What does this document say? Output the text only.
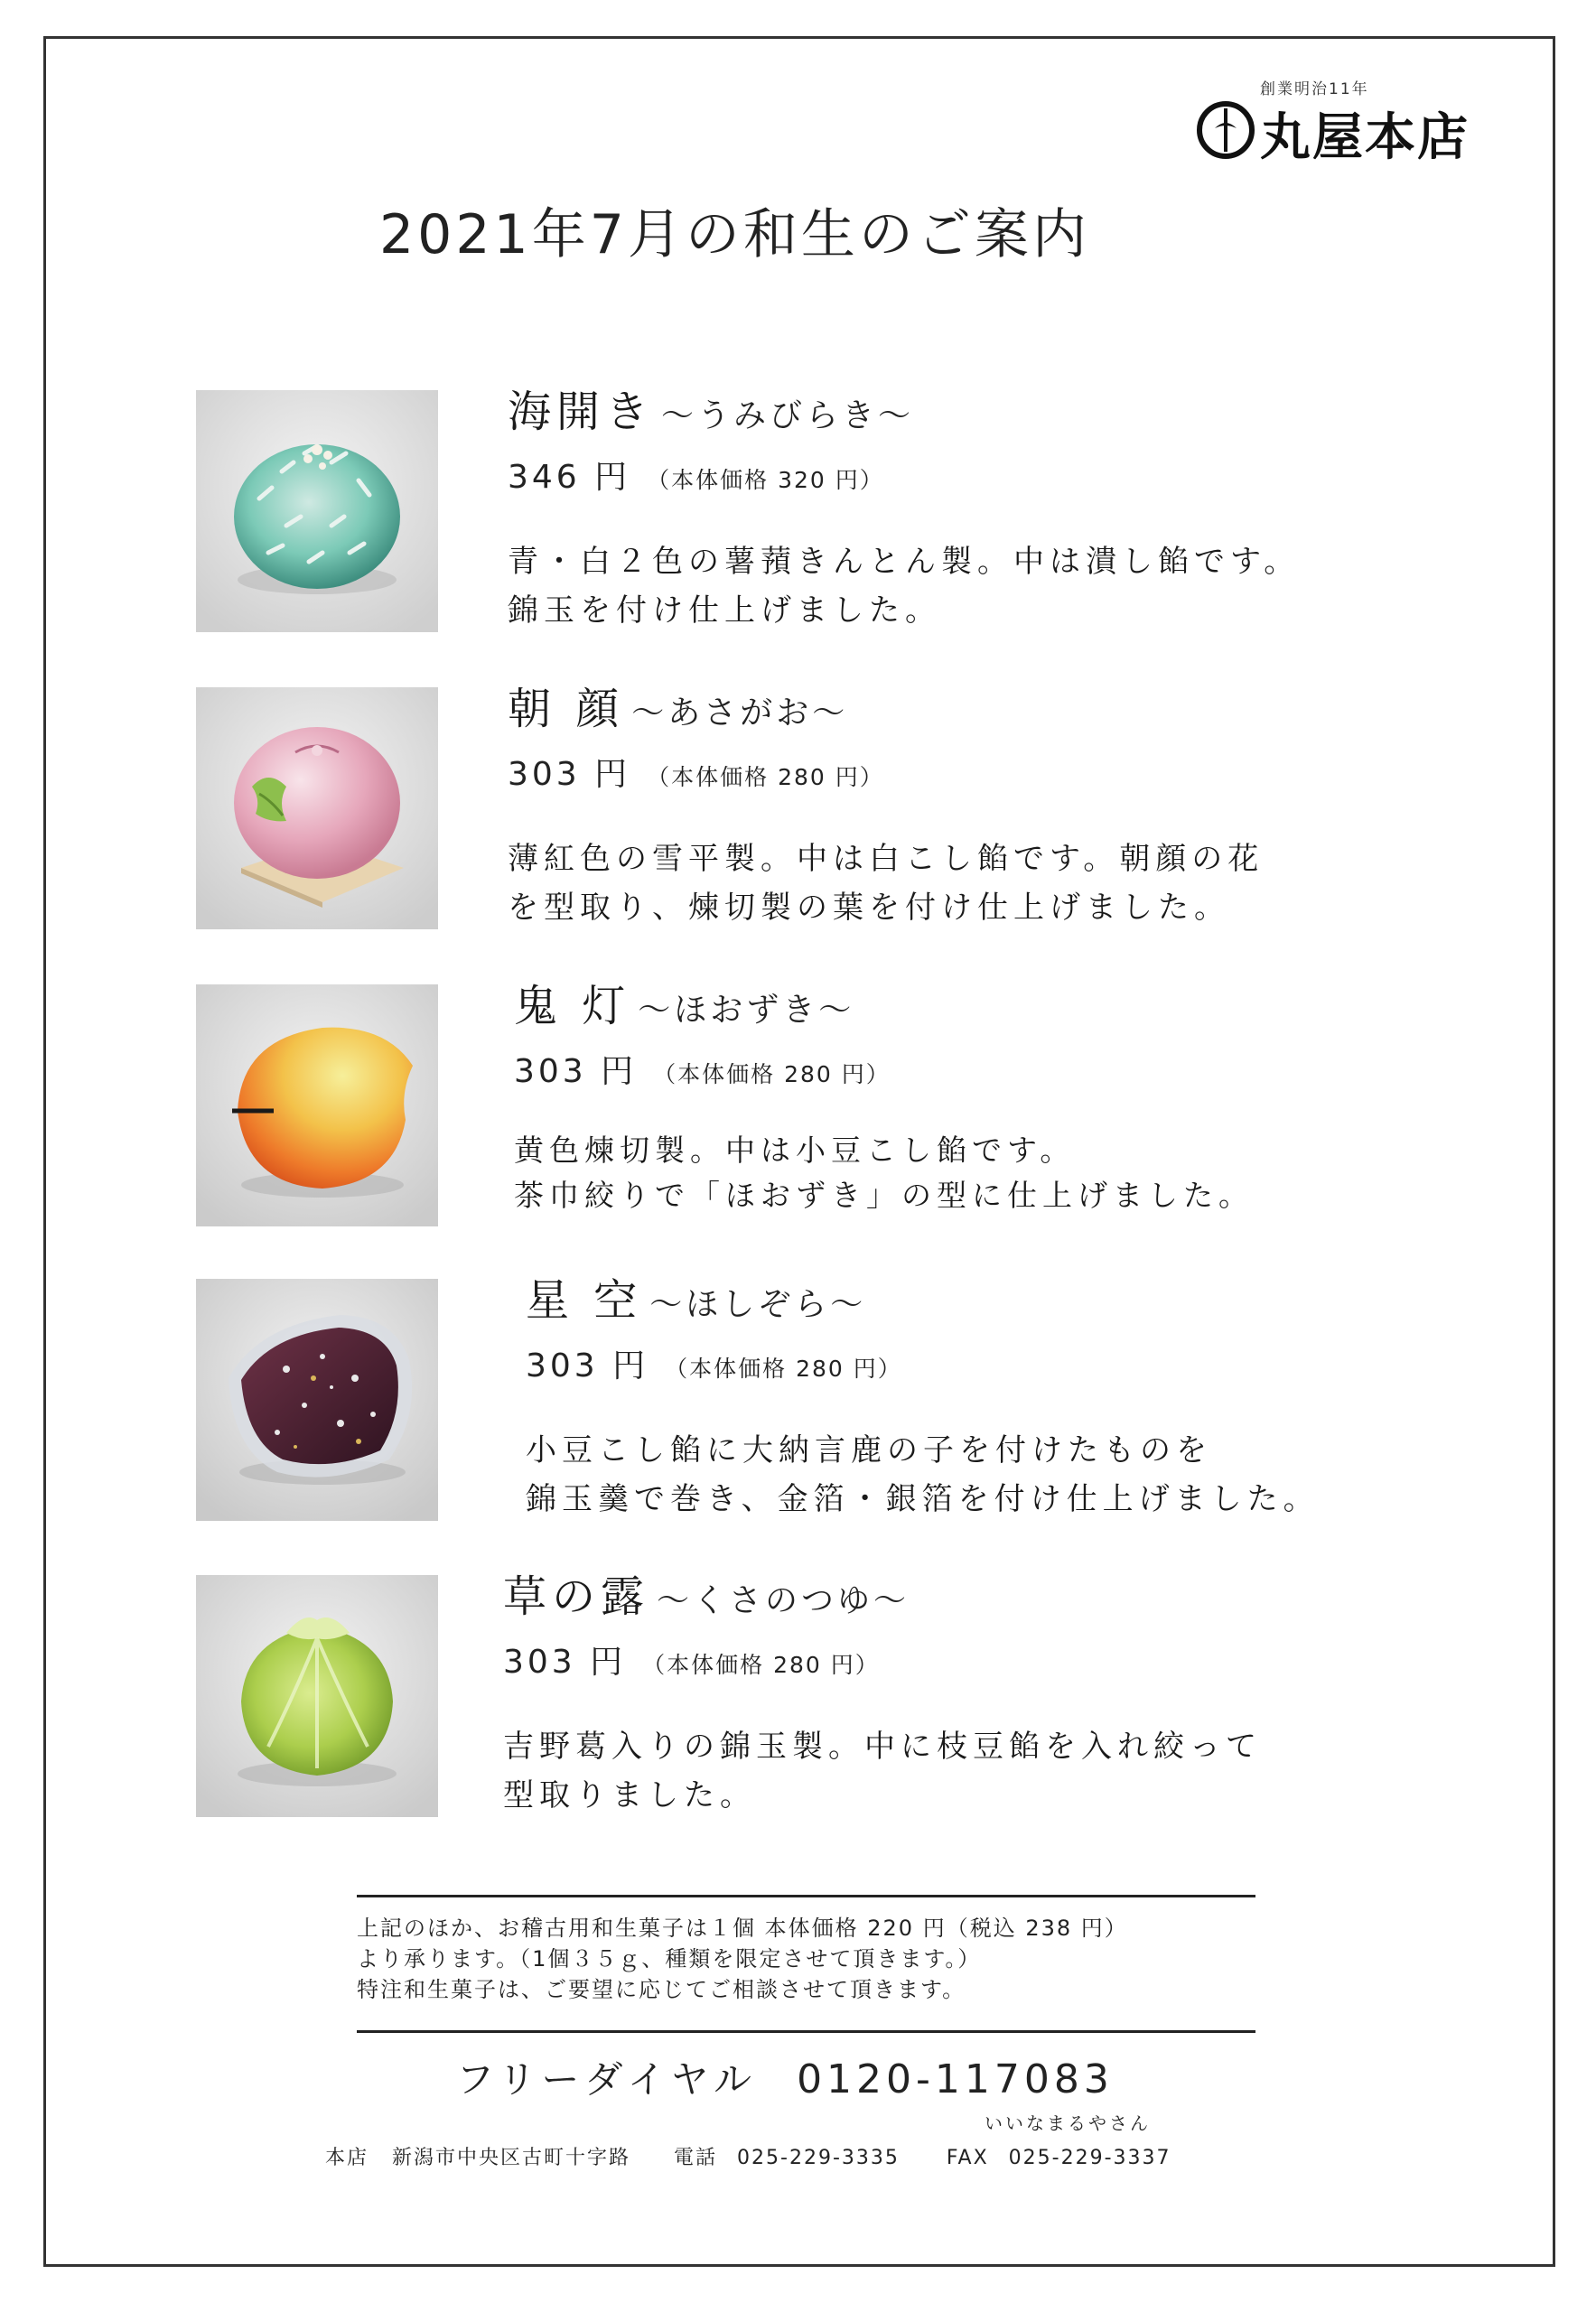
創業明治11年
丸屋本店
2021年7月の和生のご案内
海開き 〜うみびらき〜
346 円 （本体価格 320 円）
青・白２色の薯蕷きんとん製。中は潰し餡です。
錦玉を付け仕上げました。
朝 顔 〜あさがお〜
303 円 （本体価格 280 円）
薄紅色の雪平製。中は白こし餡です。朝顔の花
を型取り、煉切製の葉を付け仕上げました。
鬼 灯 〜ほおずき〜
303 円 （本体価格 280 円）
黄色煉切製。中は小豆こし餡です。
茶巾絞りで「ほおずき」の型に仕上げました。
星 空 〜ほしぞら〜
303 円 （本体価格 280 円）
小豆こし餡に大納言鹿の子を付けたものを
錦玉羹で巻き、金箔・銀箔を付け仕上げました。
草の露 〜くさのつゆ〜
303 円 （本体価格 280 円）
吉野葛入りの錦玉製。中に枝豆餡を入れ絞って
型取りました。
上記のほか、お稽古用和生菓子は１個 本体価格 220 円（税込 238 円）
より承ります。（1個３５ｇ、種類を限定させて頂きます。）
特注和生菓子は、ご要望に応じてご相談させて頂きます。
フリーダイヤル 0120-117083
いいなまるやさん
本店 新潟市中央区古町十字路 電話 025-229-3335 FAX 025-229-3337
